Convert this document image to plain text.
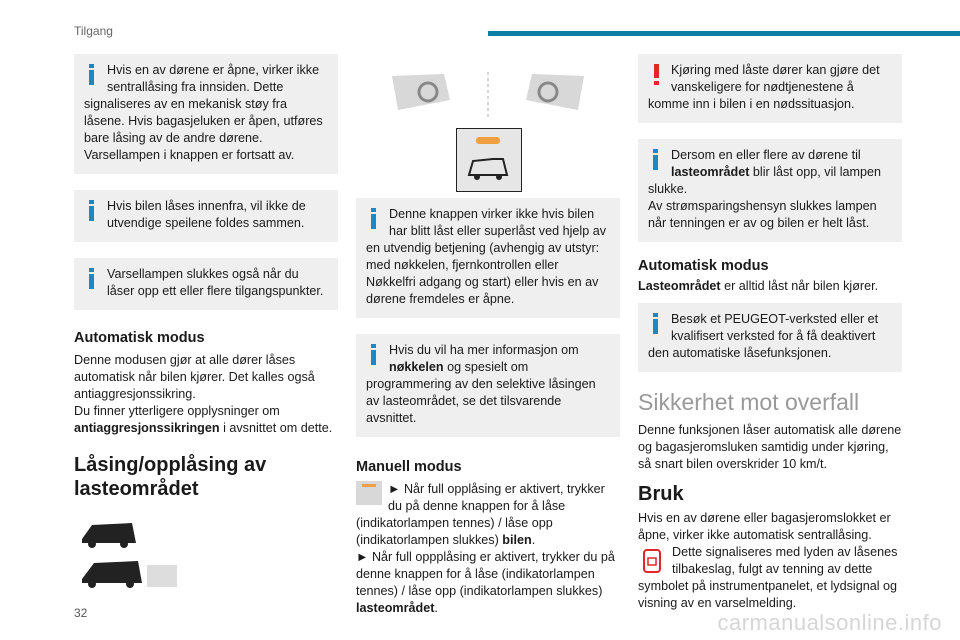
Tilgang
Hvis en av dørene er åpne, virker ikke sentrallåsing fra innsiden. Dette signaliseres av en mekanisk støy fra låsene. Hvis bagasjeluken er åpen, utføres bare låsing av de andre dørene. Varsellampen i knappen er fortsatt av.
Hvis bilen låses innenfra, vil ikke de utvendige speilene foldes sammen.
Varsellampen slukkes også når du låser opp ett eller flere tilgangspunkter.
Automatisk modus

Denne modusen gjør at alle dører låses automatisk når bilen kjører. Det kalles også antiaggresjonssikring.
Du finner ytterligere opplysninger om antiaggresjonssikringen i avsnittet om dette.

Låsing/opplåsing av lasteområdet
Denne knappen virker ikke hvis bilen har blitt låst eller superlåst ved hjelp av en utvendig betjening (avhengig av utstyr: med nøkkelen, fjernkontrollen eller Nøkkelfri adgang og start) eller hvis en av dørene fremdeles er åpne.
Hvis du vil ha mer informasjon om nøkkelen og spesielt om programmering av den selektive låsingen av lasteområdet, se det tilsvarende avsnittet.
Manuell modus

► Når full opplåsing er aktivert, trykker du på denne knappen for å låse (indikatorlampen tennes) / låse opp (indikatorlampen slukkes) bilen.
► Når full oppplåsing er aktivert, trykker du på denne knappen for å låse (indikatorlampen tennes) / låse opp (indikatorlampen slukkes) lasteområdet.

Kjøring med låste dører kan gjøre det vanskeligere for nødtjenestene å komme inn i bilen i en nødssituasjon.
Dersom en eller flere av dørene til lasteområdet blir låst opp, vil lampen slukke.
Av strømsparingshensyn slukkes lampen når tenningen er av og bilen er helt låst.
Automatisk modus

Lasteområdet er alltid låst når bilen kjører.

Besøk et PEUGEOT-verksted eller et kvalifisert verksted for å få deaktivert den automatiske låsefunksjonen.

Sikkerhet mot overfall

Denne funksjonen låser automatisk alle dørene og bagasjeromsluken samtidig under kjøring, så snart bilen overskrider 10 km/t.

Bruk

Hvis en av dørene eller bagasjeromslokket er åpne, virker ikke automatisk sentrallåsing.

Dette signaliseres med lyden av låsenes tilbakeslag, fulgt av tenning av dette symbolet på instrumentpanelet, et lydsignal og visning av en varselmelding.

32	carmanualsonline.info
